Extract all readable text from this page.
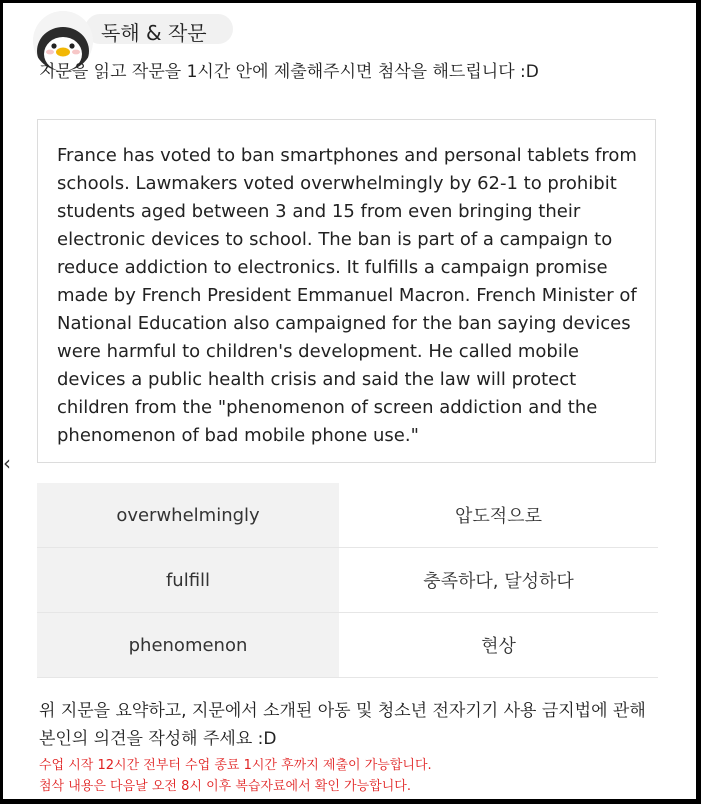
독해 & 작문
지문을 읽고 작문을 1시간 안에 제출해주시면 첨삭을 해드립니다 :D

France has voted to ban smartphones and personal tablets from schools. Lawmakers voted overwhelmingly by 62-1 to prohibit students aged between 3 and 15 from even bringing their electronic devices to school. The ban is part of a campaign to reduce addiction to electronics. It fulfills a campaign promise made by French President Emmanuel Macron. French Minister of National Education also campaigned for the ban saying devices were harmful to children's development. He called mobile devices a public health crisis and said the law will protect children from the "phenomenon of screen addiction and the phenomenon of bad mobile phone use."

‹
overwhelmingly	압도적으로
fulfill	충족하다, 달성하다
phenomenon	현상
위 지문을 요약하고, 지문에서 소개된 아동 및 청소년 전자기기 사용 금지법에 관해 본인의 의견을 작성해 주세요 :D
수업 시작 12시간 전부터 수업 종료 1시간 후까지 제출이 가능합니다.
첨삭 내용은 다음날 오전 8시 이후 복습자료에서 확인 가능합니다.
